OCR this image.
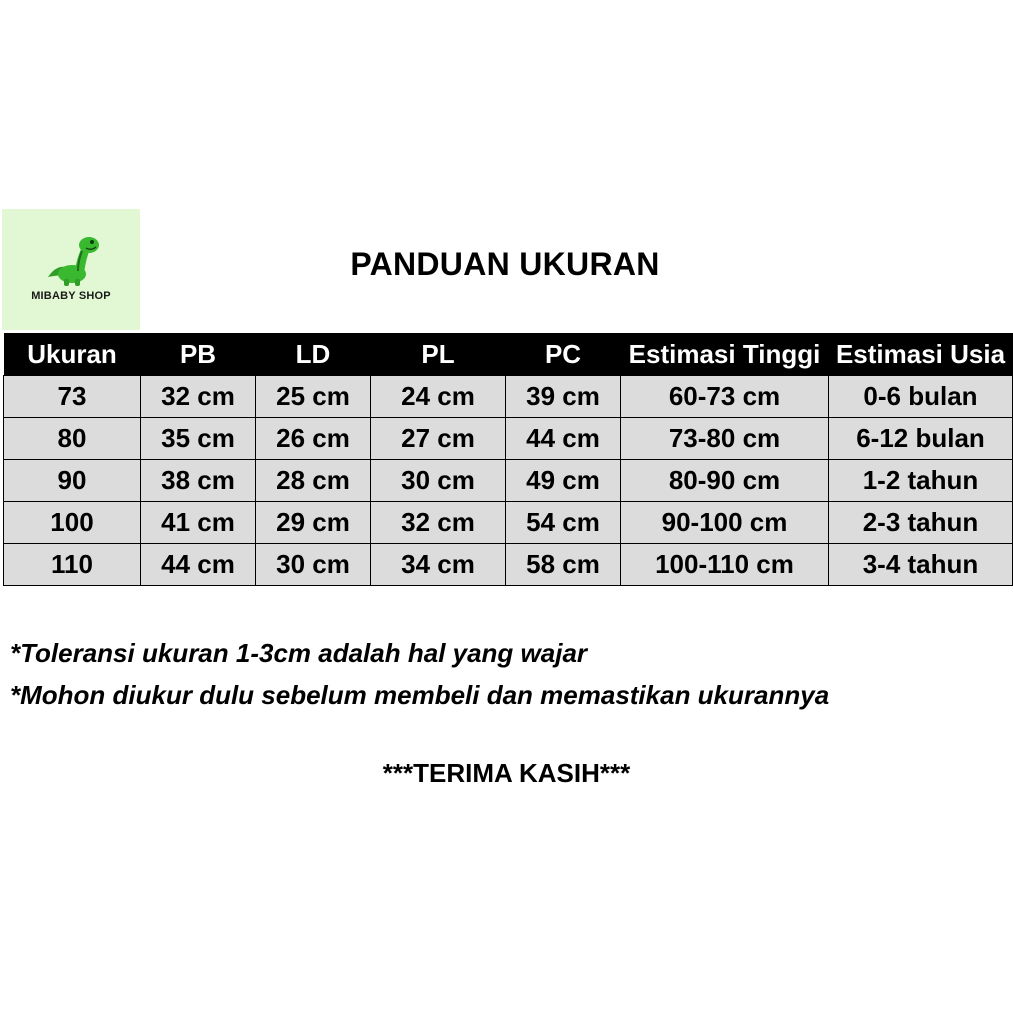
MIBABY SHOP
PANDUAN UKURAN
Ukuran	PB	LD	PL	PC	Estimasi Tinggi	Estimasi Usia
73	32 cm	25 cm	24 cm	39 cm	60-73 cm	0-6 bulan
80	35 cm	26 cm	27 cm	44 cm	73-80 cm	6-12 bulan
90	38 cm	28 cm	30 cm	49 cm	80-90 cm	1-2 tahun
100	41 cm	29 cm	32 cm	54 cm	90-100 cm	2-3 tahun
110	44 cm	30 cm	34 cm	58 cm	100-110 cm	3-4 tahun
*Toleransi ukuran 1-3cm adalah hal yang wajar
*Mohon diukur dulu sebelum membeli dan memastikan ukurannya
***TERIMA KASIH***
